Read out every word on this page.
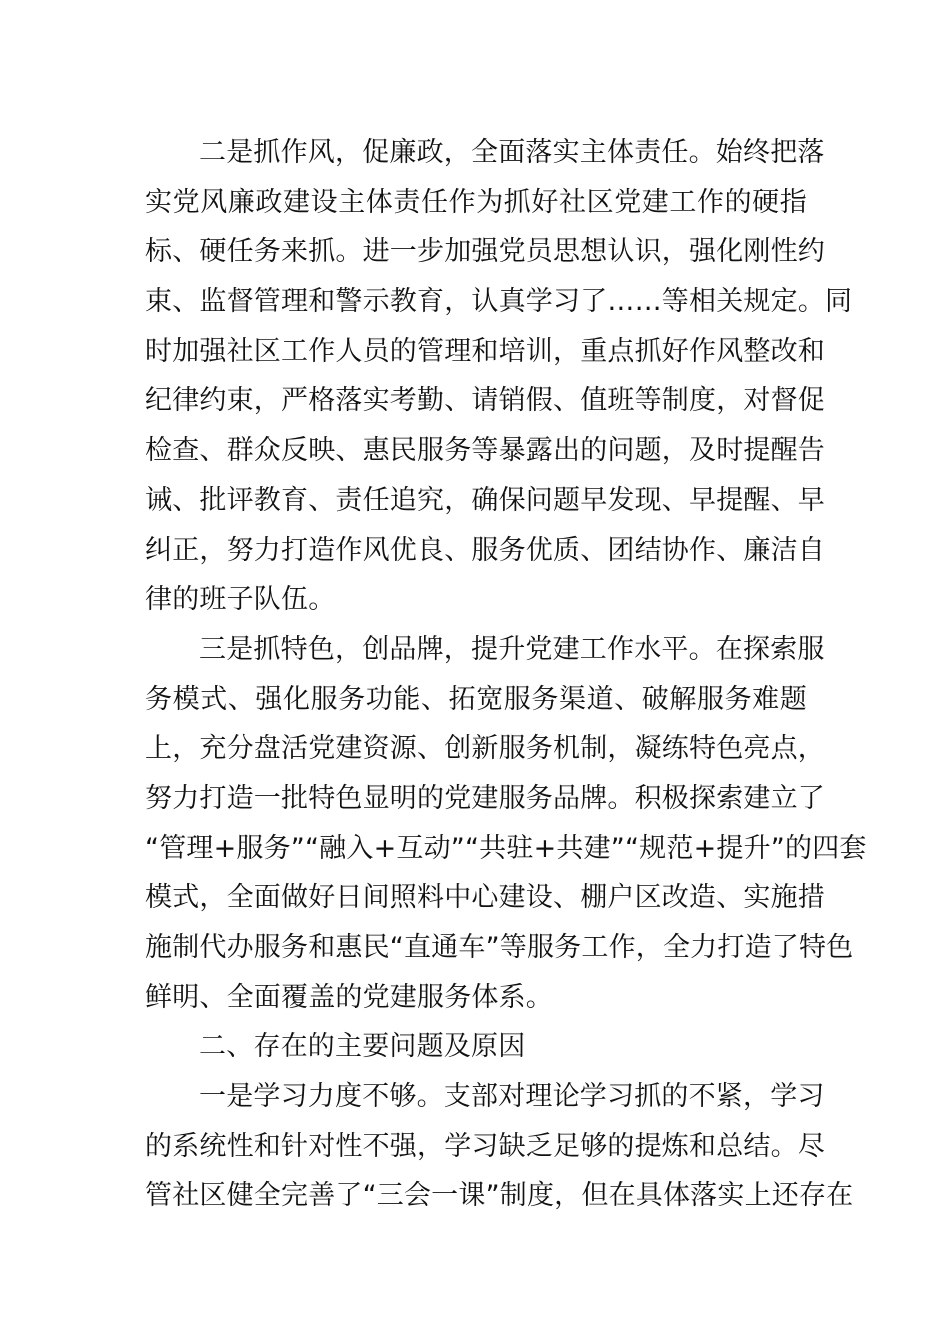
二是抓作风，促廉政，全面落实主体责任。始终把落
实党风廉政建设主体责任作为抓好社区党建工作的硬指
标、硬任务来抓。进一步加强党员思想认识，强化刚性约
束、监督管理和警示教育，认真学习了……等相关规定。同
时加强社区工作人员的管理和培训，重点抓好作风整改和
纪律约束，严格落实考勤、请销假、值班等制度，对督促
检查、群众反映、惠民服务等暴露出的问题，及时提醒告
诫、批评教育、责任追究，确保问题早发现、早提醒、早
纠正，努力打造作风优良、服务优质、团结协作、廉洁自
律的班子队伍。
三是抓特色，创品牌，提升党建工作水平。在探索服
务模式、强化服务功能、拓宽服务渠道、破解服务难题
上，充分盘活党建资源、创新服务机制，凝练特色亮点，
努力打造一批特色显明的党建服务品牌。积极探索建立了
“管理+服务”“融入+互动”“共驻+共建”“规范+提升”的四套
模式，全面做好日间照料中心建设、棚户区改造、实施措
施制代办服务和惠民“直通车”等服务工作，全力打造了特色
鲜明、全面覆盖的党建服务体系。
二、存在的主要问题及原因
一是学习力度不够。支部对理论学习抓的不紧，学习
的系统性和针对性不强，学习缺乏足够的提炼和总结。尽
管社区健全完善了“三会一课”制度，但在具体落实上还存在
